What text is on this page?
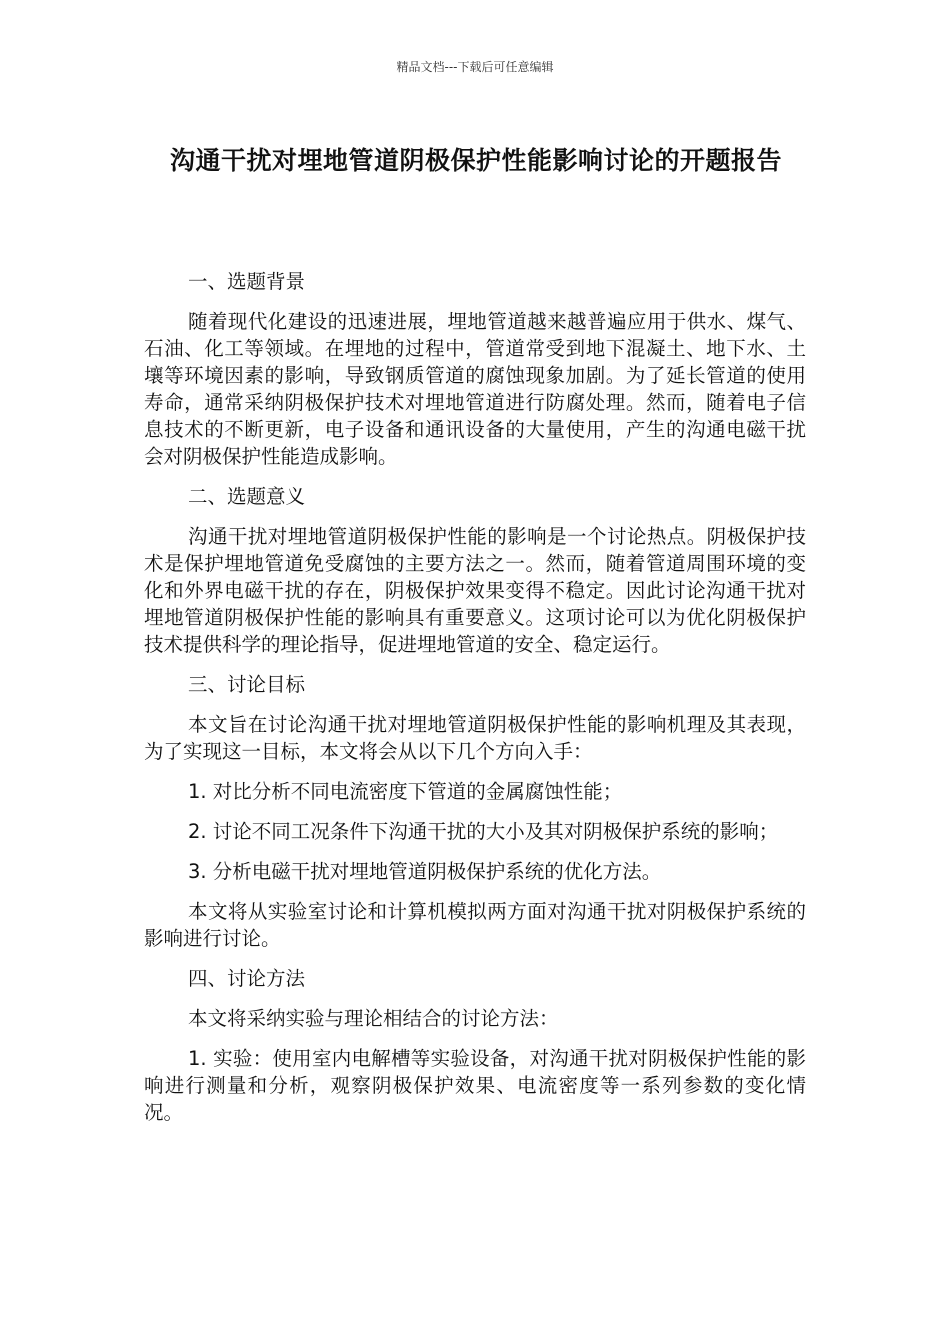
精品文档---下载后可任意编辑
沟通干扰对埋地管道阴极保护性能影响讨论的开题报告

一、选题背景

随着现代化建设的迅速进展，埋地管道越来越普遍应用于供水、煤气、石油、化工等领域。在埋地的过程中，管道常受到地下混凝土、地下水、土壤等环境因素的影响，导致钢质管道的腐蚀现象加剧。为了延长管道的使用寿命，通常采纳阴极保护技术对埋地管道进行防腐处理。然而，随着电子信息技术的不断更新，电子设备和通讯设备的大量使用，产生的沟通电磁干扰会对阴极保护性能造成影响。

二、选题意义

沟通干扰对埋地管道阴极保护性能的影响是一个讨论热点。阴极保护技术是保护埋地管道免受腐蚀的主要方法之一。然而，随着管道周围环境的变化和外界电磁干扰的存在，阴极保护效果变得不稳定。因此讨论沟通干扰对埋地管道阴极保护性能的影响具有重要意义。这项讨论可以为优化阴极保护技术提供科学的理论指导，促进埋地管道的安全、稳定运行。

三、讨论目标

本文旨在讨论沟通干扰对埋地管道阴极保护性能的影响机理及其表现，为了实现这一目标，本文将会从以下几个方向入手：

1. 对比分析不同电流密度下管道的金属腐蚀性能；

2. 讨论不同工况条件下沟通干扰的大小及其对阴极保护系统的影响；

3. 分析电磁干扰对埋地管道阴极保护系统的优化方法。

本文将从实验室讨论和计算机模拟两方面对沟通干扰对阴极保护系统的影响进行讨论。

四、讨论方法

本文将采纳实验与理论相结合的讨论方法：

1. 实验：使用室内电解槽等实验设备，对沟通干扰对阴极保护性能的影响进行测量和分析，观察阴极保护效果、电流密度等一系列参数的变化情况。
